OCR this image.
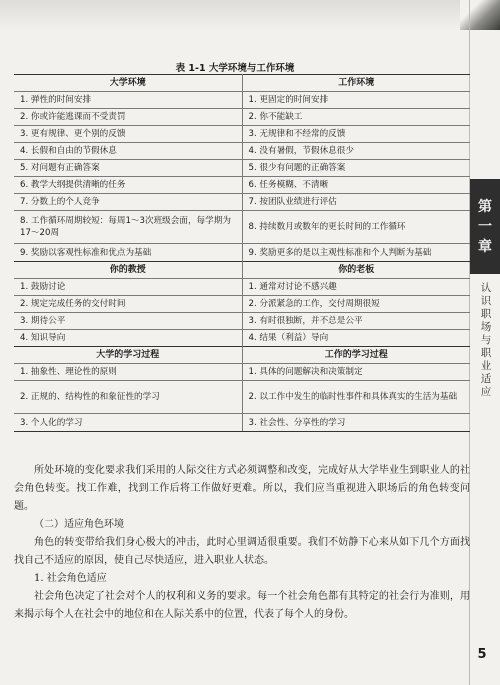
表 1-1 大学环境与工作环境
大学环境	工作环境
1. 弹性的时间安排	1. 更固定的时间安排
2. 你或许能逃课而不受责罚	2. 你不能缺工
3. 更有规律、更个别的反馈	3. 无规律和不经常的反馈
4. 长假和自由的节假休息	4. 没有暑假，节假休息很少
5. 对问题有正确答案	5. 很少有问题的正确答案
6. 教学大纲提供清晰的任务	6. 任务模糊、不清晰
7. 分数上的个人竞争	7. 按团队业绩进行评估
8. 工作循环周期较短：每周1～3次班级会面，每学期为17～20周	8. 持续数月或数年的更长时间的工作循环
9. 奖励以客观性标准和优点为基础	9. 奖励更多的是以主观性标准和个人判断为基础
你的教授	你的老板
1. 鼓励讨论	1. 通常对讨论不感兴趣
2. 规定完成任务的交付时间	2. 分派紧急的工作，交付周期很短
3. 期待公平	3. 有时很独断，并不总是公平
4. 知识导向	4. 结果（利益）导向
大学的学习过程	工作的学习过程
1. 抽象性、理论性的原则	1. 具体的问题解决和决策制定
2. 正规的、结构性的和象征性的学习	2. 以工作中发生的临时性事件和具体真实的生活为基础
3. 个人化的学习	3. 社会性、分享性的学习

所处环境的变化要求我们采用的人际交往方式必须调整和改变，完成好从大学毕业生到职业人的社会角色转变。找工作难，找到工作后将工作做好更难。所以，我们应当重视进入职场后的角色转变问题。

（二）适应角色环境

角色的转变带给我们身心极大的冲击，此时心里调适很重要。我们不妨静下心来从如下几个方面找找自己不适应的原因，使自己尽快适应，进入职业人状态。

1. 社会角色适应

社会角色决定了社会对个人的权利和义务的要求。每一个社会角色都有其特定的社会行为准则，用来揭示每个人在社会中的地位和在人际关系中的位置，代表了每个人的身份。

第
一
章
认识职场与职业适应
5
